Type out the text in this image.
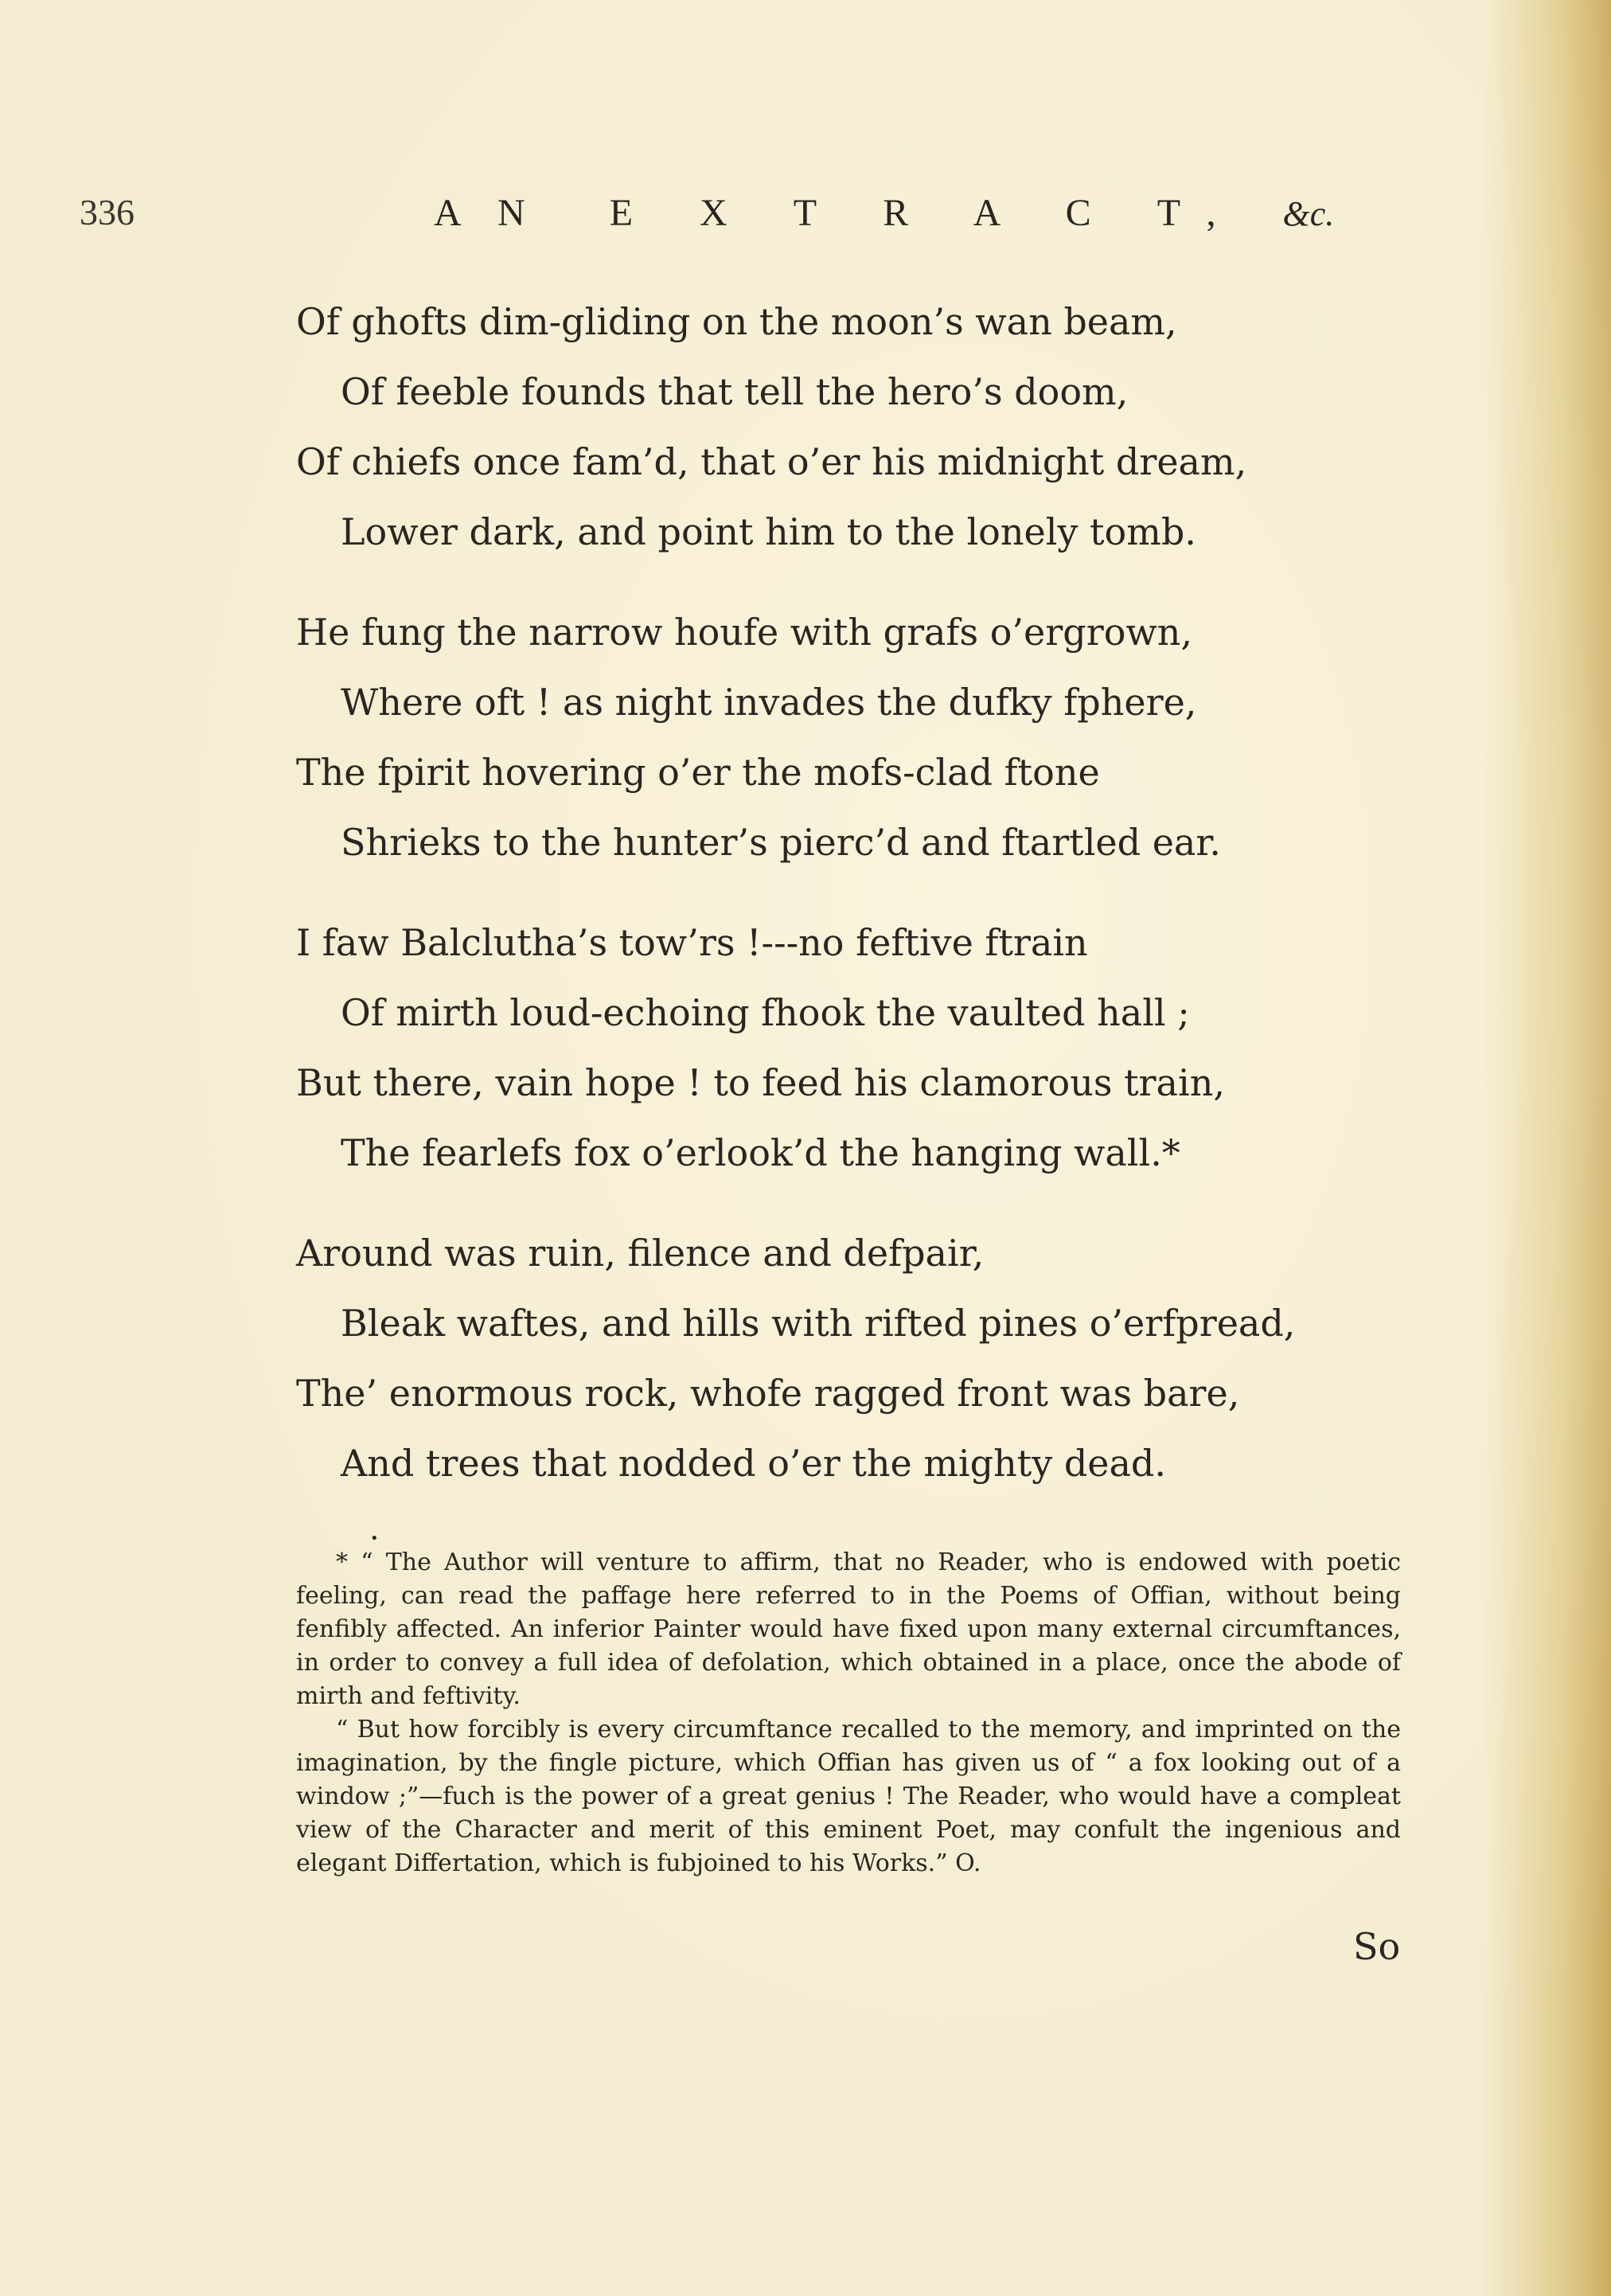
336	A N E X T R A C T, &c.
Of ghofts dim-gliding on the moon’s wan beam,
Of feeble founds that tell the hero’s doom,
Of chiefs once fam’d, that o’er his midnight dream,
Lower dark, and point him to the lonely tomb.
He fung the narrow houfe with grafs o’ergrown,
Where oft ! as night invades the dufky fphere,
The fpirit hovering o’er the mofs-clad ftone
Shrieks to the hunter’s pierc’d and ftartled ear.
I faw Balclutha’s tow’rs !---no feftive ftrain
Of mirth loud-echoing fhook the vaulted hall ;
But there, vain hope ! to feed his clamorous train,
The fearlefs fox o’erlook’d the hanging wall.*
Around was ruin, filence and defpair,
Bleak waftes, and hills with rifted pines o’erfpread,
The’ enormous rock, whofe ragged front was bare,
And trees that nodded o’er the mighty dead.
•

* “ The Author will venture to affirm, that no Reader, who is endowed with poetic feeling, can read the paffage here referred to in the Poems of Offian, without being fenfibly affected. An inferior Painter would have fixed upon many external circumftances, in order to convey a full idea of defolation, which obtained in a place, once the abode of mirth and feftivity.

“ But how forcibly is every circumftance recalled to the memory, and imprinted on the imagination, by the fingle picture, which Offian has given us of “ a fox looking out of a window ;”—fuch is the power of a great genius ! The Reader, who would have a compleat view of the Character and merit of this eminent Poet, may confult the ingenious and elegant Differtation, which is fubjoined to his Works.” O.

So
